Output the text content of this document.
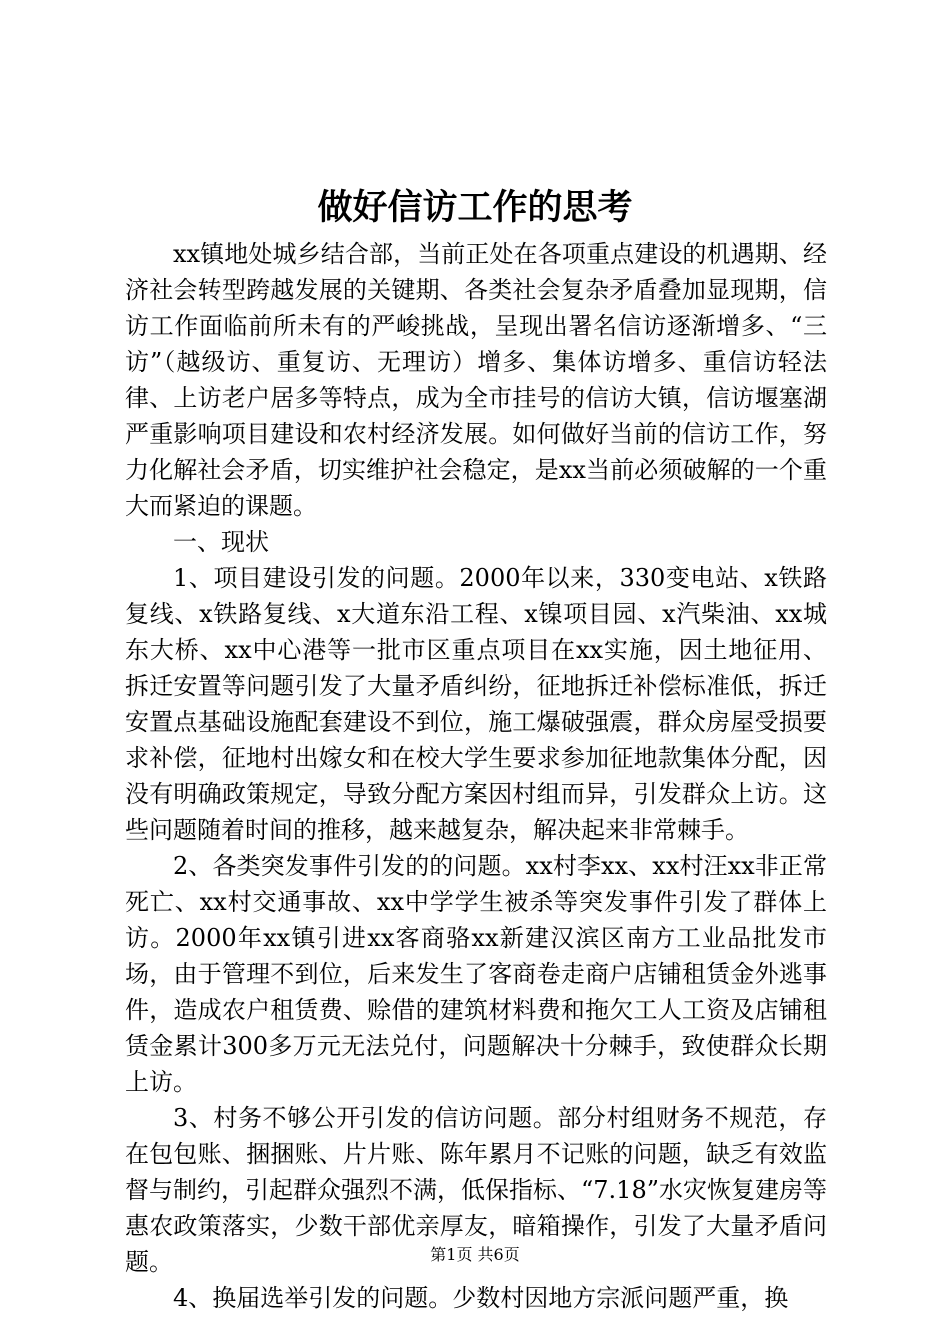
做好信访工作的思考

xx镇地处城乡结合部，当前正处在各项重点建设的机遇期、经济社会转型跨越发展的关键期、各类社会复杂矛盾叠加显现期，信访工作面临前所未有的严峻挑战，呈现出署名信访逐渐增多、“三访”（越级访、重复访、无理访）增多、集体访增多、重信访轻法律、上访老户居多等特点，成为全市挂号的信访大镇，信访堰塞湖严重影响项目建设和农村经济发展。如何做好当前的信访工作，努力化解社会矛盾，切实维护社会稳定，是xx当前必须破解的一个重大而紧迫的课题。

一、现状

1、项目建设引发的问题。2000年以来，330变电站、x铁路复线、x铁路复线、x大道东沿工程、x镍项目园、x汽柴油、xx城东大桥、xx中心港等一批市区重点项目在xx实施，因土地征用、拆迁安置等问题引发了大量矛盾纠纷，征地拆迁补偿标准低，拆迁安置点基础设施配套建设不到位，施工爆破强震，群众房屋受损要求补偿，征地村出嫁女和在校大学生要求参加征地款集体分配，因没有明确政策规定，导致分配方案因村组而异，引发群众上访。这些问题随着时间的推移，越来越复杂，解决起来非常棘手。

2、各类突发事件引发的的问题。xx村李xx、xx村汪xx非正常死亡、xx村交通事故、xx中学学生被杀等突发事件引发了群体上访。2000年xx镇引进xx客商骆xx新建汉滨区南方工业品批发市场，由于管理不到位，后来发生了客商卷走商户店铺租赁金外逃事件，造成农户租赁费、赊借的建筑材料费和拖欠工人工资及店铺租赁金累计300多万元无法兑付，问题解决十分棘手，致使群众长期上访。

3、村务不够公开引发的信访问题。部分村组财务不规范，存在包包账、捆捆账、片片账、陈年累月不记账的问题，缺乏有效监督与制约，引起群众强烈不满，低保指标、“7.18”水灾恢复建房等惠农政策落实，少数干部优亲厚友，暗箱操作，引发了大量矛盾问题。

4、换届选举引发的问题。少数村因地方宗派问题严重，换

第1页 共6页
